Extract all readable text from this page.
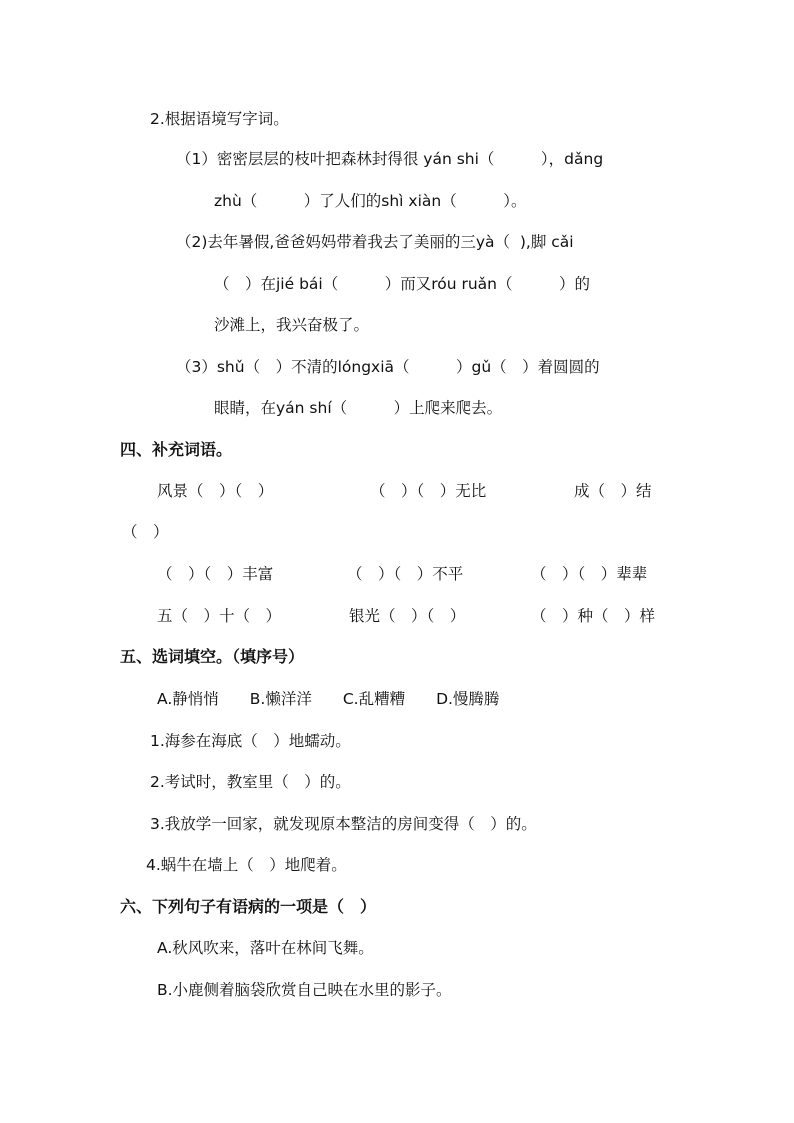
2.根据语境写字词。
（1）密密层层的枝叶把森林封得很 yán shi（　　　），dǎng
zhù（　　　）了人们的shì xiàn（　　　）。
（2)去年暑假,爸爸妈妈带着我去了美丽的三yà（  ),脚 cǎi
（　）在jié bái（　　　）而又róu ruǎn（　　　）的
沙滩上，我兴奋极了。
（3）shǔ（　）不清的lóngxiā（　　　）gǔ（　）着圆圆的
眼睛，在yán shí（　　　）上爬来爬去。
四、补充词语。
风景（　）（　）	（　）（　）无比	成（　）结
（　）
（　）（　）丰富	（　）（　）不平	（　）（　）辈辈
五（　）十（　）	银光（　）（　）	（　）种（　）样
五、选词填空。（填序号）
A.静悄悄　　B.懒洋洋　　C.乱糟糟　　D.慢腾腾
1.海参在海底（　）地蠕动。
2.考试时，教室里（　）的。
3.我放学一回家，就发现原本整洁的房间变得（　）的。
4.蜗牛在墙上（　）地爬着。
六、下列句子有语病的一项是（　）
A.秋风吹来，落叶在林间飞舞。
B.小鹿侧着脑袋欣赏自己映在水里的影子。
